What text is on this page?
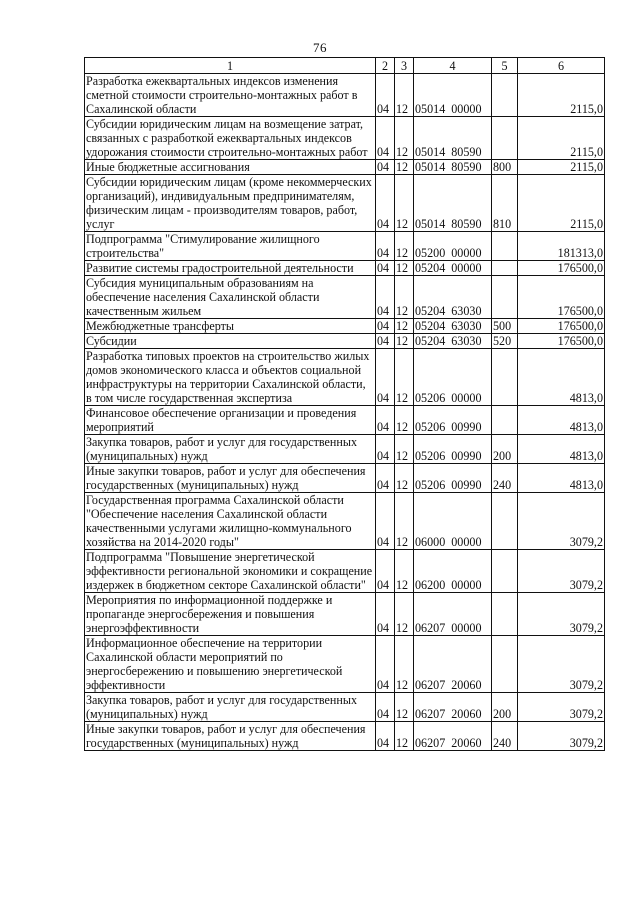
76
1	2	3	4	5	6
Разработка ежеквартальных индексов изменения сметной стоимости строительно-монтажных работ в Сахалинской области	04	12	05014 00000		2115,0
Субсидии юридическим лицам на возмещение затрат, связанных с разработкой ежеквартальных индексов удорожания стоимости строительно-монтажных работ	04	12	05014 80590		2115,0
Иные бюджетные ассигнования	04	12	05014 80590	800	2115,0
Субсидии юридическим лицам (кроме некоммерческих организаций), индивидуальным предпринимателям, физическим лицам - производителям товаров, работ, услуг	04	12	05014 80590	810	2115,0
Подпрограмма "Стимулирование жилищного строительства"	04	12	05200 00000		181313,0
Развитие системы градостроительной деятельности	04	12	05204 00000		176500,0
Субсидия муниципальным образованиям на обеспечение населения Сахалинской области качественным жильем	04	12	05204 63030		176500,0
Межбюджетные трансферты	04	12	05204 63030	500	176500,0
Субсидии	04	12	05204 63030	520	176500,0
Разработка типовых проектов на строительство жилых домов экономического класса и объектов социальной инфраструктуры на территории Сахалинской области, в том числе государственная экспертиза	04	12	05206 00000		4813,0
Финансовое обеспечение организации и проведения мероприятий	04	12	05206 00990		4813,0
Закупка товаров, работ и услуг для государственных (муниципальных) нужд	04	12	05206 00990	200	4813,0
Иные закупки товаров, работ и услуг для обеспечения государственных (муниципальных) нужд	04	12	05206 00990	240	4813,0
Государственная программа Сахалинской области "Обеспечение населения Сахалинской области качественными услугами жилищно-коммунального хозяйства на 2014-2020 годы"	04	12	06000 00000		3079,2
Подпрограмма "Повышение энергетической эффективности региональной экономики и сокращение издержек в бюджетном секторе Сахалинской области"	04	12	06200 00000		3079,2
Мероприятия по информационной поддержке и пропаганде энергосбережения и повышения энергоэффективности	04	12	06207 00000		3079,2
Информационное обеспечение на территории Сахалинской области мероприятий по энергосбережению и повышению энергетической эффективности	04	12	06207 20060		3079,2
Закупка товаров, работ и услуг для государственных (муниципальных) нужд	04	12	06207 20060	200	3079,2
Иные закупки товаров, работ и услуг для обеспечения государственных (муниципальных) нужд	04	12	06207 20060	240	3079,2
